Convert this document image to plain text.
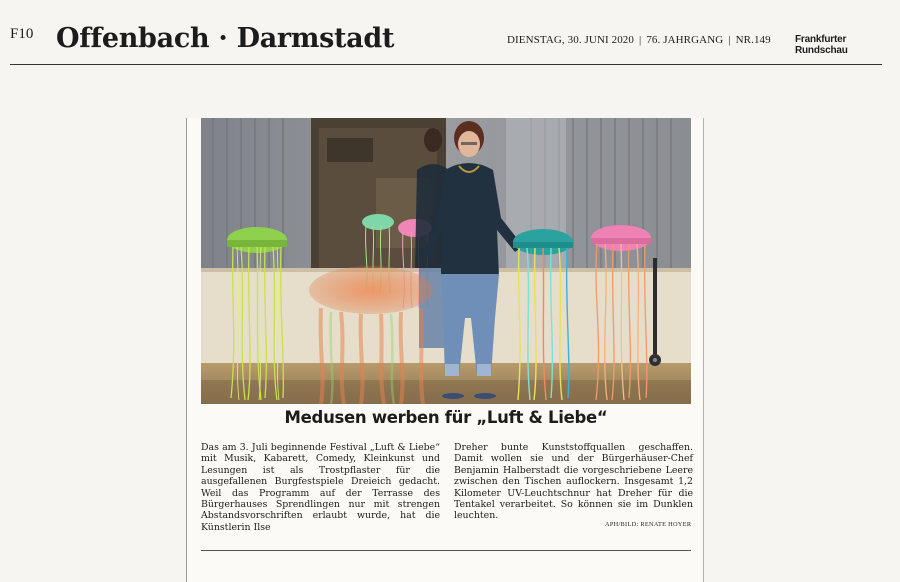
F10 Offenbach · Darmstadt	DIENSTAG, 30. JUNI 2020 | 76. JAHRGANG | NR.149 Frankfurter Rundschau
Medusen werben für „Luft & Liebe“
Das am 3. Juli beginnende Festival „Luft & Liebe“ mit Musik, Kabarett, Comedy, Kleinkunst und Lesungen ist als Trostpflaster für die ausgefallenen Burgfestspiele Dreieich gedacht. Weil das Programm auf der Terrasse des Bürgerhauses Sprendlingen nur mit strengen Abstandsvorschriften erlaubt wurde, hat die Künstlerin Ilse
Dreher bunte Kunststoffquallen geschaffen. Damit wollen sie und der Bürgerhäuser-Chef Benjamin Halberstadt die vorgeschriebene Leere zwischen den Tischen auflockern. Insgesamt 1,2 Kilometer UV-Leuchtschnur hat Dreher für die Tentakel verarbeitet. So können sie im Dunklen leuchten.
APH/BILD: RENATE HOYER
